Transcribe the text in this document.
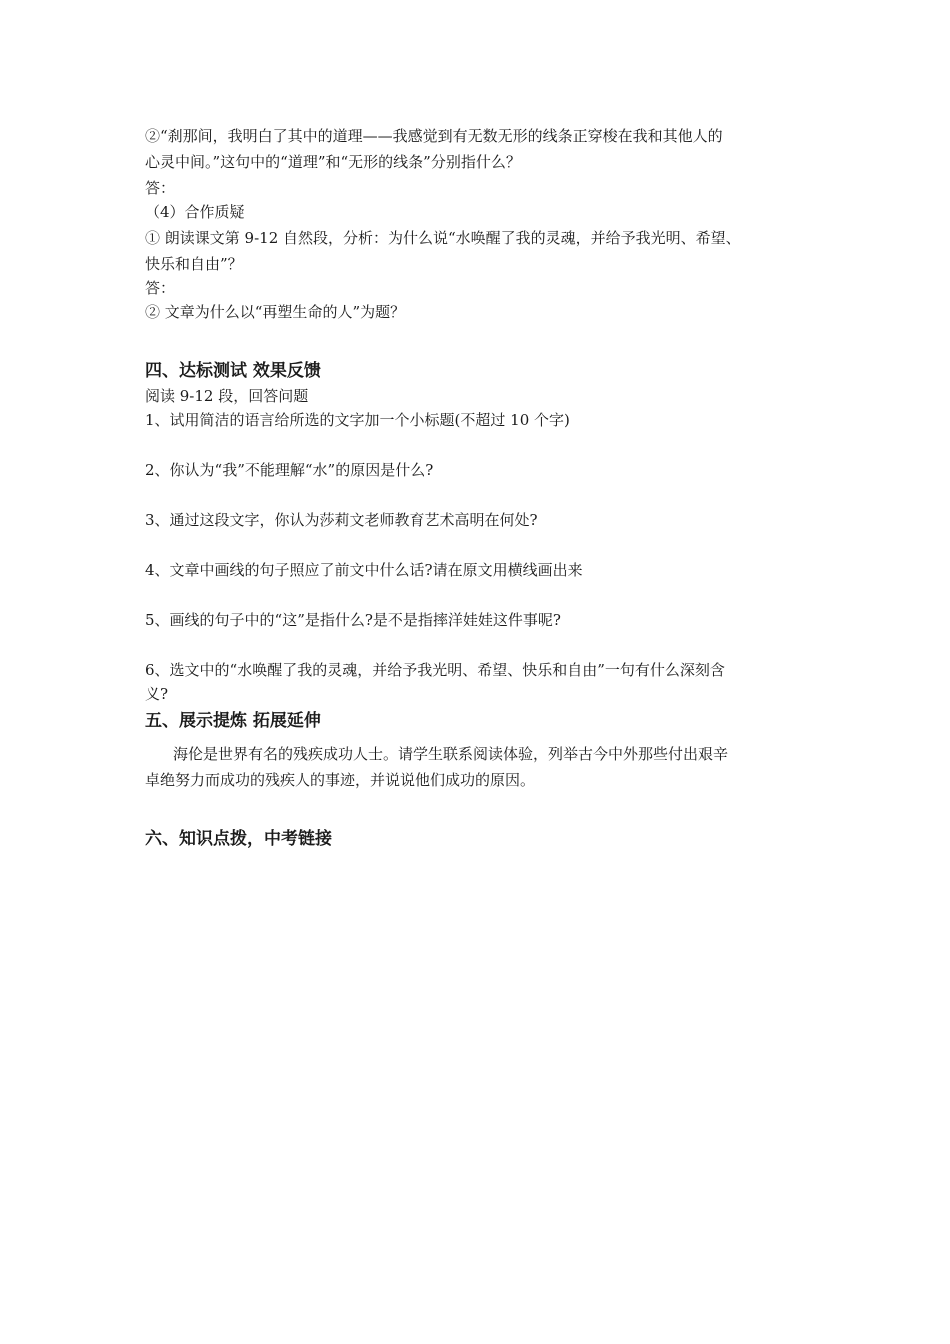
②“刹那间，我明白了其中的道理——我感觉到有无数无形的线条正穿梭在我和其他人的
心灵中间。”这句中的“道理”和“无形的线条”分别指什么？
答：
（4）合作质疑
① 朗读课文第 9-12 自然段，分析：为什么说“水唤醒了我的灵魂，并给予我光明、希望、
快乐和自由”？
答：
② 文章为什么以“再塑生命的人”为题？
四、达标测试 效果反馈
阅读 9-12 段，回答问题
1、试用简洁的语言给所选的文字加一个小标题(不超过 10 个字)
2、你认为“我”不能理解“水”的原因是什么?
3、通过这段文字，你认为莎莉文老师教育艺术高明在何处?
4、文章中画线的句子照应了前文中什么话?请在原文用横线画出来
5、画线的句子中的“这”是指什么?是不是指摔洋娃娃这件事呢?
6、选文中的“水唤醒了我的灵魂，并给予我光明、希望、快乐和自由”一句有什么深刻含
义?
五、展示提炼 拓展延伸
海伦是世界有名的残疾成功人士。请学生联系阅读体验，列举古今中外那些付出艰辛
卓绝努力而成功的残疾人的事迹，并说说他们成功的原因。
六、知识点拨，中考链接
